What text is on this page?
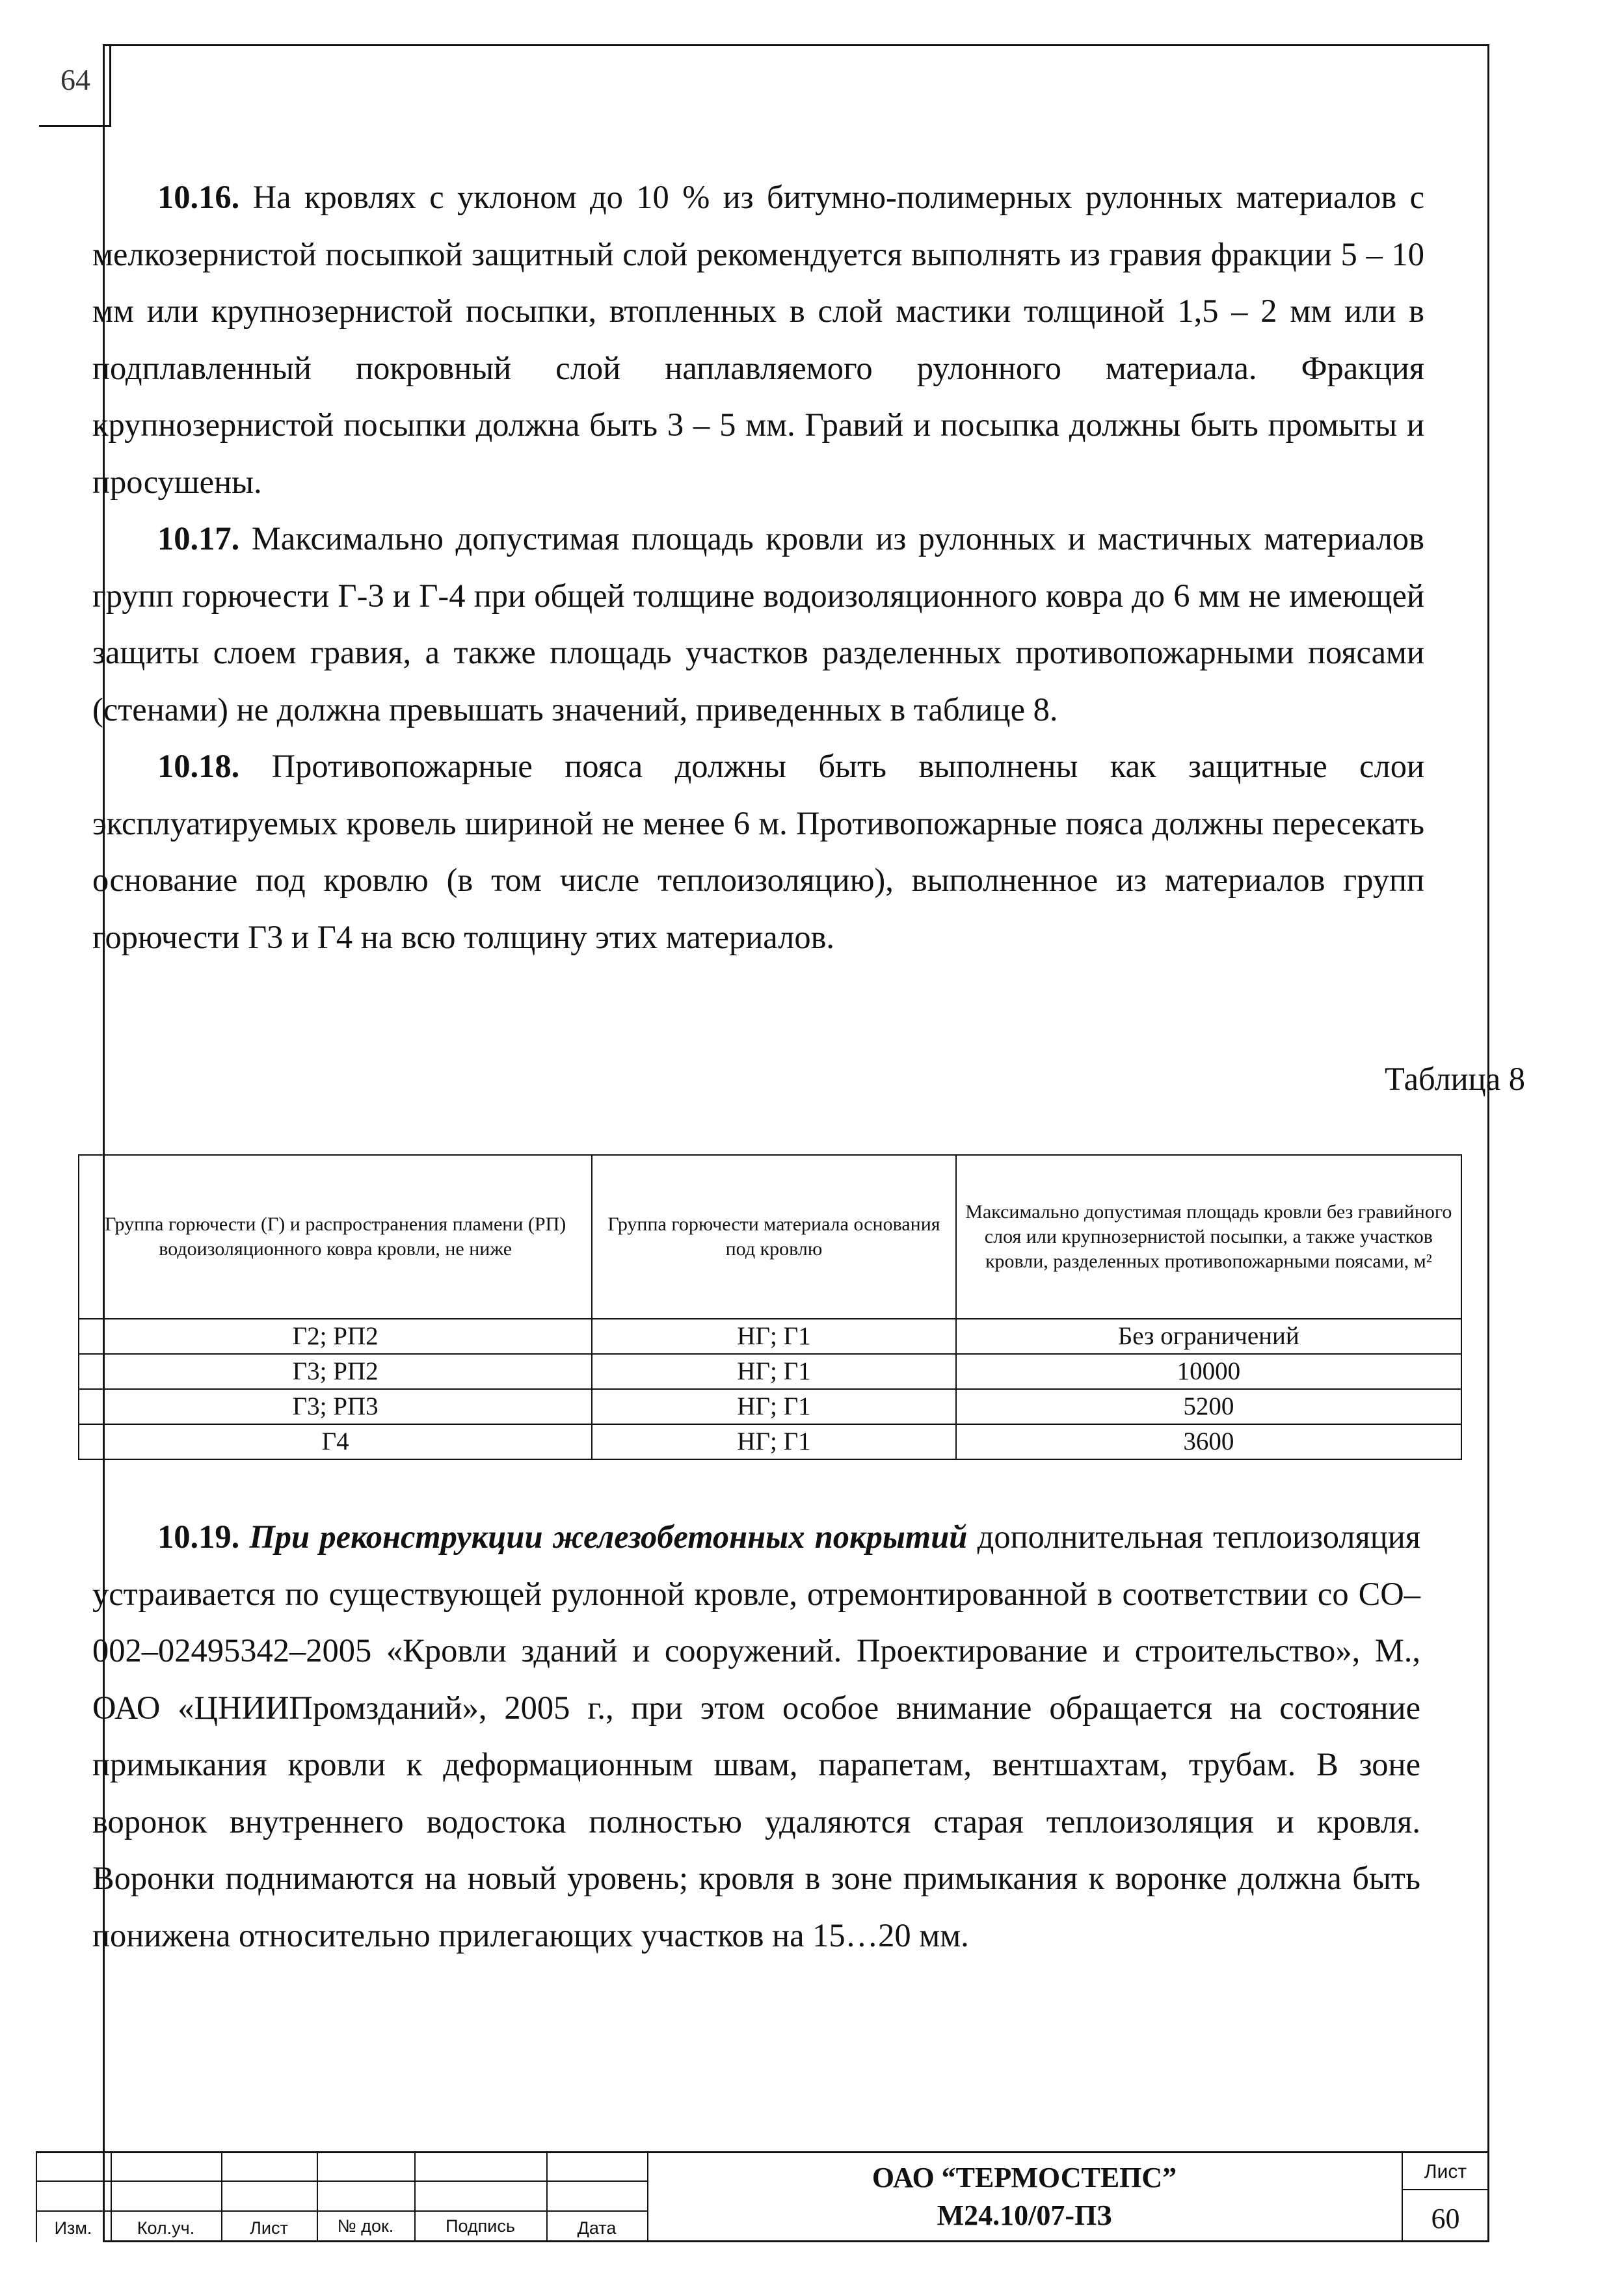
64

10.16. На кровлях с уклоном до 10 % из битумно-полимерных рулонных материалов с мелкозернистой посыпкой защитный слой рекомендуется выполнять из гравия фракции 5 – 10 мм или крупнозернистой посыпки, втопленных в слой мастики толщиной 1,5 – 2 мм или в подплавленный покровный слой наплавляемого рулонного материала. Фракция крупнозернистой посыпки должна быть 3 – 5 мм. Гравий и посыпка должны быть промыты и просушены.

10.17. Максимально допустимая площадь кровли из рулонных и мастичных материалов групп горючести Г-3 и Г-4 при общей толщине водоизоляционного ковра до 6 мм не имеющей защиты слоем гравия, а также площадь участков разделенных противопожарными поясами (стенами) не должна превышать значений, приведенных в таблице 8.

10.18. Противопожарные пояса должны быть выполнены как защитные слои эксплуатируемых кровель шириной не менее 6 м. Противопожарные пояса должны пересекать основание под кровлю (в том числе теплоизоляцию), выполненное из материалов групп горючести Г3 и Г4 на всю толщину этих материалов.

Таблица 8
Группа горючести (Г) и распространения пламени (РП) водоизоляционного ковра кровли, не ниже	Группа горючести материала основания под кровлю	Максимально допустимая площадь кровли без гравийного слоя или крупнозернистой посыпки, а также участков кровли, разделенных противопожарными поясами, м²
Г2; РП2	НГ; Г1	Без ограничений
Г3; РП2	НГ; Г1	10000
Г3; РП3	НГ; Г1	5200
Г4	НГ; Г1	3600

10.19. При реконструкции железобетонных покрытий дополнительная теплоизоляция устраивается по существующей рулонной кровле, отремонтированной в соответствии со СО–002–02495342–2005 «Кровли зданий и сооружений. Проектирование и строительство», М., ОАО «ЦНИИПромзданий», 2005 г., при этом особое внимание обращается на состояние примыкания кровли к деформационным швам, парапетам, вентшахтам, трубам. В зоне воронок внутреннего водостока полностью удаляются старая теплоизоляция и кровля. Воронки поднимаются на новый уровень; кровля в зоне примыкания к воронке должна быть понижена относительно прилегающих участков на 15…20 мм.

Изм.	Кол.уч.	Лист	№ док.	Подпись	Дата
ОАО “ТЕРМОСТЕПС”
М24.10/07-ПЗ
Лист
60
